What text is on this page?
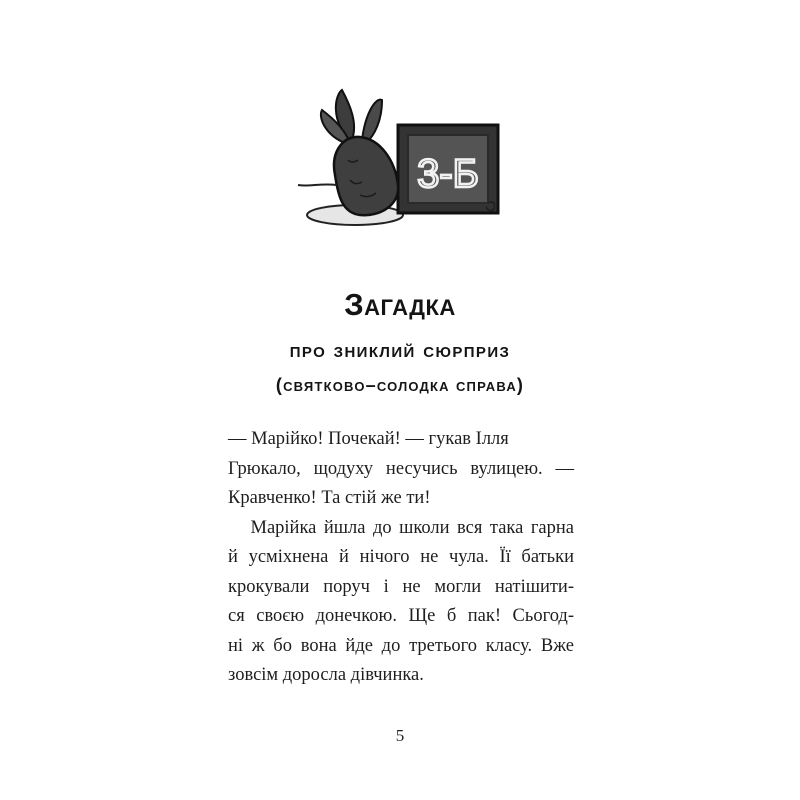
3-Б
Загадка
про зниклий сюрприз
(святково–солодка справа)
— Марійко! Почекай! — гукав Ілля
Грюкало, щодуху несучись вулицею. —
Кравченко! Та стій же ти!
Марійка йшла до школи вся така гарна
й усміхнена й нічого не чула. Її батьки
крокували поруч і не могли натішити-
ся своєю донечкою. Ще б пак! Сьогод-
ні ж бо вона йде до третього класу. Вже
зовсім доросла дівчинка.
5
